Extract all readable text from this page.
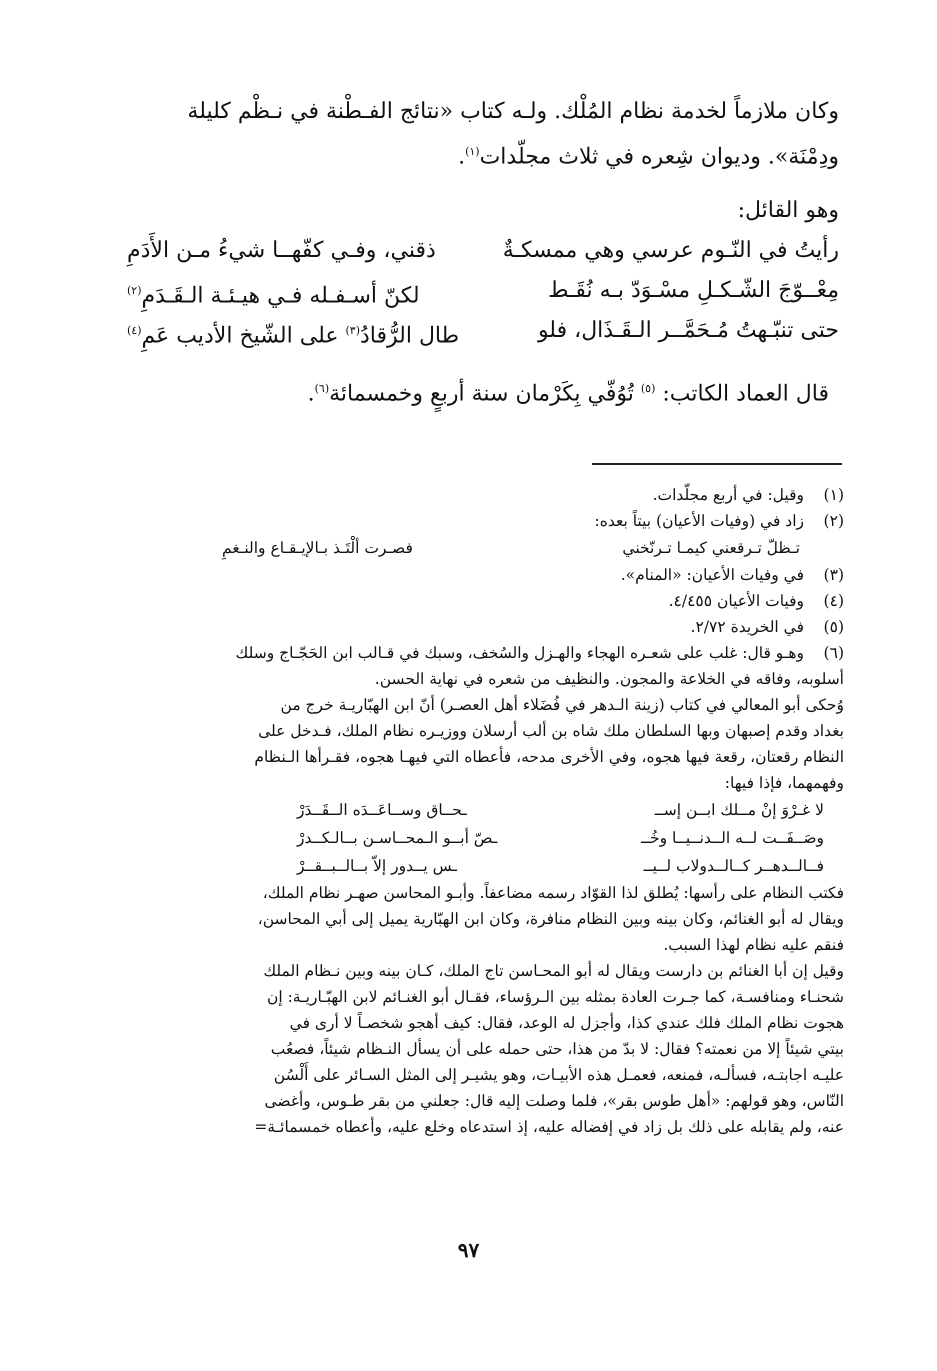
وكان ملازماً لخدمة نظام المُلْك. ولـه كتاب «نتائج الفـطْنة في نـظْم كليلة
ودِمْنَة». وديوان شِعره في ثلاث مجلّدات$^{(١)}$.

وهو القائل:

رأيتُ في النّـوم عرسي وهي ممسكـةٌ
ذقني، وفـي كفّهــا شيءُ مـن الأَدَمِ
مِعْــوّجَ الشّـكـلِ مسْـوَدّ بـه نُقَـط
لكنّ أسـفـله فـي هيـئـة الـقَـدَمِ$^{(٢)}$
حتى تنبّـهتُ مُـحَمَّــر الـقَـذَال، فلو
طال الرُّقادُ$^{(٣)}$ على الشّيخ الأديب عَمِ$^{(٤)}$

قال العماد الكاتب: $^{(٥)}$ تُوُفّي بِكَرْمان سنة أربعٍ وخمسمائة$^{(٦)}$.

(١)
وقيل: في أربع مجلّدات.
(٢)
زاد في (وفيات الأعيان) بيتاً بعده:
تـظلّ تـرقعني كيمـا تـرنّخني
فصـرت ألْتَـذ بـالإيـقـاع والنـغمِ
(٣)
في وفيات الأعيان: «المنام».
(٤)
وفيات الأعيان ٤/٤٥٥.
(٥)
في الخريدة ٢/٧٢.
(٦)
وهـو قال: غلب على شعـره الهجاء والهـزل والسُخف، وسبك في قـالب ابن الحَجّـاج وسلك
أسلوبه، وفاقه في الخلاعة والمجون. والنظيف من شعره في نهاية الحسن.
وُحكى أبو المعالي في كتاب (زينة الـدهر في فُضَلاء أهل العصـر) أنّ ابن الهبّاريـة خرج من
بغداد وقدم إصبهان وبها السلطان ملك شاه بن ألب أرسلان ووزيـره نظام الملك، فـدخل على
النظام رقعتان، رقعة فيها هجوه، وفي الأخرى مدحه، فأعطاه التي فيهـا هجوه، فقـرأها الـنظام
وفهمهما، فإذا فيها:
لا غـرْوَ إنْ مــلك ابــن إســ
ـحــاق وســاعَــدَه الــقَــدَرْ
وصَــفَــت لــه الــدنــيــا وخُــ
ـصّ أبــو الـمحــاسـن بــالـكــدرْ
فــالــدهــر كــالــدولاب لــيــ
ـس يــدور إلاّ بــالــبــقــرْ
فكتب النظام على رأسها: يُطلق لذا القوّاد رسمه مضاعفاً. وأبـو المحاسن صهـر نظام الملك،
ويقال له أبو الغنائم، وكان بينه وبين النظام منافرة، وكان ابن الهبّارية يميل إلى أبي المحاسن،
فنقم عليه نظام لهذا السبب.
وقيل إن أبا الغنائم بن دارست ويقال له أبو المحـاسن تاج الملك، كـان بينه وبين نـظام الملك
شحنـاء ومنافسـة، كما جـرت العادة بمثله بين الـرؤساء، فقـال أبو الغنـائم لابن الهبّـاريـة: إن
هجوت نظام الملك فلك عندي كذا، وأجزل له الوعد، فقال: كيف أهجو شخصـاً لا أرى في
بيتي شيئاً إلا من نعمته؟ فقال: لا بدّ من هذا، حتى حمله على أن يسأل النـظام شيئاً، فصعُب
عليـه اجابتـه، فسألـه، فمنعه، فعمـل هذه الأبيـات، وهو يشيـر إلى المثل السـائر على أَلْسُن
النّاس، وهو قولهم: «أهل طوس بقر»، فلما وصلت إليه قال: جعلني من بقر طـوس، وأغضى
عنه، ولم يقابله على ذلك بل زاد في إفضاله عليه، إذ استدعاه وخلع عليه، وأعطاه خمسمائـة=
٩٧
